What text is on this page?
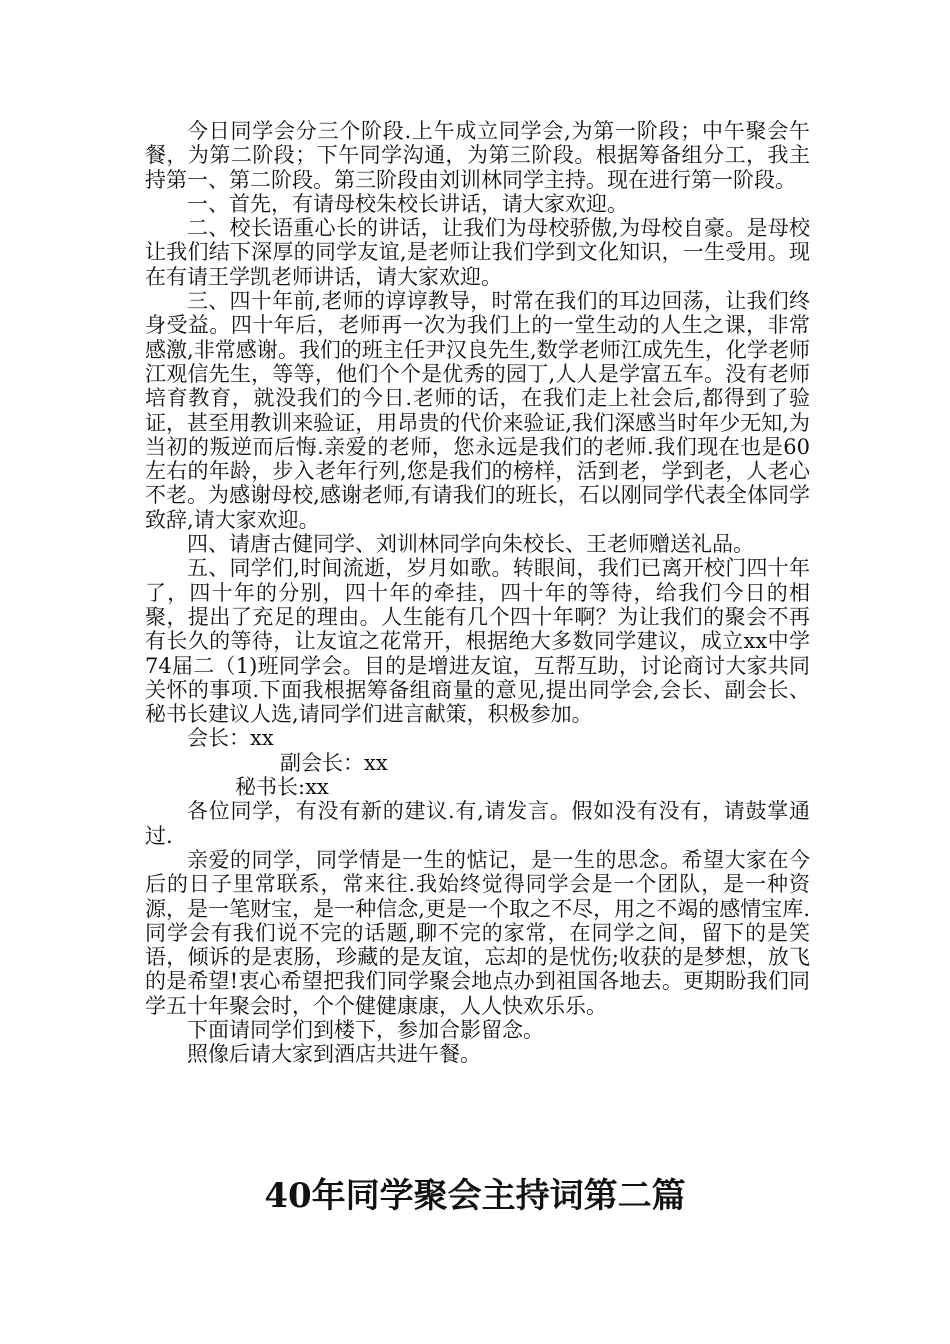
今日同学会分三个阶段.上午成立同学会,为第一阶段；中午聚会午餐，为第二阶段；下午同学沟通，为第三阶段。根据筹备组分工，我主持第一、第二阶段。第三阶段由刘训林同学主持。现在进行第一阶段。

一、首先，有请母校朱校长讲话，请大家欢迎。

二、校长语重心长的讲话，让我们为母校骄傲,为母校自豪。是母校让我们结下深厚的同学友谊,是老师让我们学到文化知识，一生受用。现在有请王学凯老师讲话，请大家欢迎。

三、四十年前,老师的谆谆教导，时常在我们的耳边回荡，让我们终身受益。四十年后，老师再一次为我们上的一堂生动的人生之课，非常感激,非常感谢。我们的班主任尹汉良先生,数学老师江成先生，化学老师江观信先生，等等，他们个个是优秀的园丁,人人是学富五车。没有老师培育教育，就没我们的今日.老师的话，在我们走上社会后,都得到了验证，甚至用教训来验证，用昂贵的代价来验证,我们深感当时年少无知,为当初的叛逆而后悔.亲爱的老师，您永远是我们的老师.我们现在也是60左右的年龄，步入老年行列,您是我们的榜样，活到老，学到老，人老心不老。为感谢母校,感谢老师,有请我们的班长，石以刚同学代表全体同学致辞,请大家欢迎。

四、请唐古健同学、刘训林同学向朱校长、王老师赠送礼品。

五、同学们,时间流逝，岁月如歌。转眼间，我们已离开校门四十年了，四十年的分别，四十年的牵挂，四十年的等待，给我们今日的相聚，提出了充足的理由。人生能有几个四十年啊？为让我们的聚会不再有长久的等待，让友谊之花常开，根据绝大多数同学建议，成立xx中学74届二（1)班同学会。目的是增进友谊，互帮互助，讨论商讨大家共同关怀的事项.下面我根据筹备组商量的意见,提出同学会,会长、副会长、秘书长建议人选,请同学们进言献策，积极参加。

会长：xx

副会长：xx

秘书长:xx

各位同学，有没有新的建议.有,请发言。假如没有没有，请鼓掌通过.

亲爱的同学，同学情是一生的惦记，是一生的思念。希望大家在今后的日子里常联系，常来往.我始终觉得同学会是一个团队，是一种资源，是一笔财宝，是一种信念,更是一个取之不尽，用之不竭的感情宝库.同学会有我们说不完的话题,聊不完的家常，在同学之间，留下的是笑语，倾诉的是衷肠，珍藏的是友谊，忘却的是忧伤;收获的是梦想，放飞的是希望!衷心希望把我们同学聚会地点办到祖国各地去。更期盼我们同学五十年聚会时，个个健健康康，人人快欢乐乐。

下面请同学们到楼下，参加合影留念。

照像后请大家到酒店共进午餐。

40年同学聚会主持词第二篇
